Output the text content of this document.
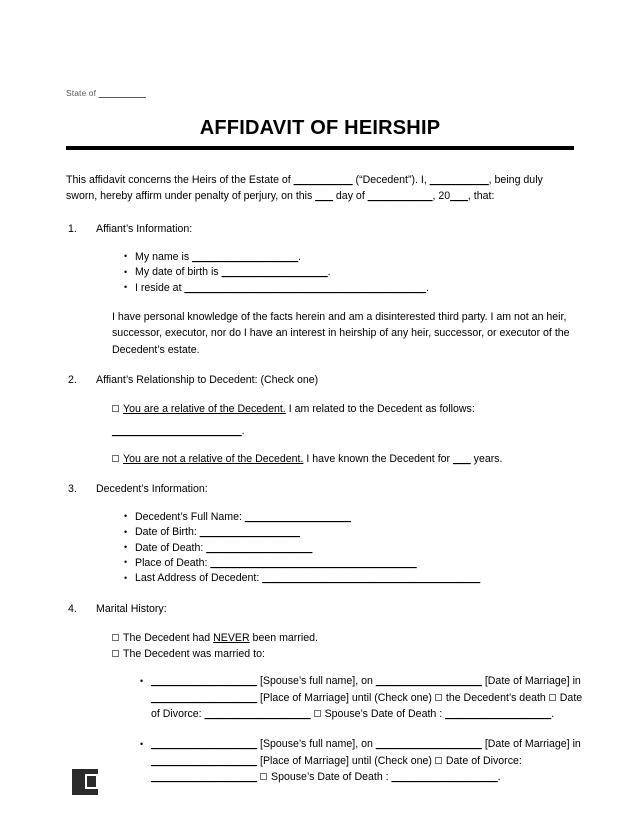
State of __________

AFFIDAVIT OF HEIRSHIP

This affidavit concerns the Heirs of the Estate of __________ (“Decedent”). I, __________, being duly sworn, hereby affirm under penalty of perjury, on this ___ day of ___________, 20___, that:

Affiant’s Information:

• My name is __________________.
• My date of birth is __________________.
• I reside at _________________________________________.

I have personal knowledge of the facts herein and am a disinterested third party. I am not an heir, successor, executor, nor do I have an interest in heirship of any heir, successor, or executor of the Decedent’s estate.

Affiant’s Relationship to Decedent: (Check one)

You are a relative of the Decedent. I am related to the Decedent as follows:

______________________.

You are not a relative of the Decedent. I have known the Decedent for ___ years.

Decedent’s Information:

• Decedent’s Full Name: __________________
• Date of Birth: _________________
• Date of Death: __________________
• Place of Death: ___________________________________
• Last Address of Decedent: _____________________________________

Marital History:

The Decedent had NEVER been married.

The Decedent was married to:

• __________________ [Spouse’s full name], on __________________ [Date of Marriage] in
__________________ [Place of Marriage] until (Check one) the Decedent’s death Date
of Divorce: __________________ Spouse’s Date of Death : __________________.
• __________________ [Spouse’s full name], on __________________ [Date of Marriage] in
__________________ [Place of Marriage] until (Check one) Date of Divorce:
__________________ Spouse’s Date of Death : __________________.
